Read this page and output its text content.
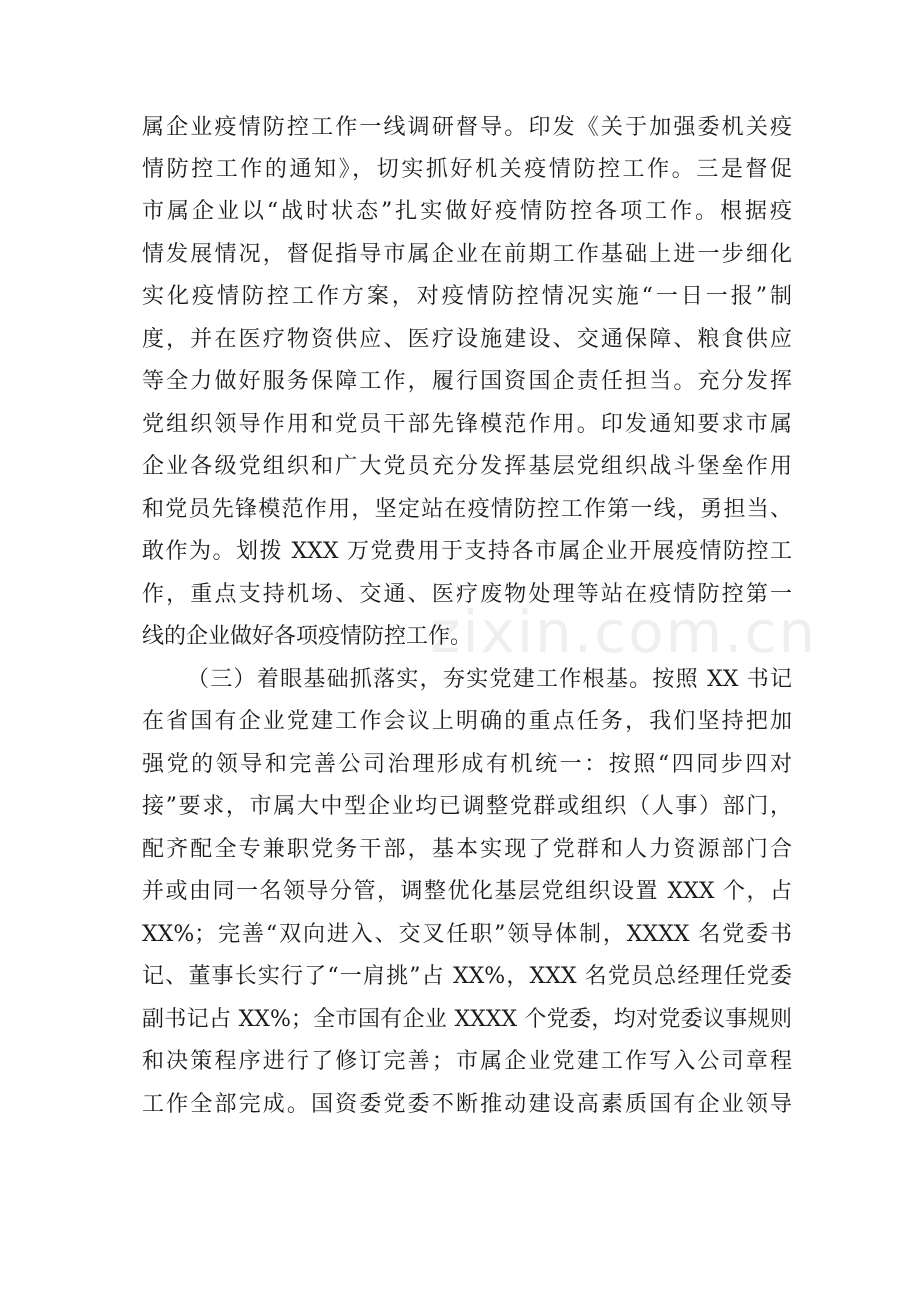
属企业疫情防控工作一线调研督导。印发《关于加强委机关疫
情防控工作的通知》，切实抓好机关疫情防控工作。三是督促
市属企业以“战时状态”扎实做好疫情防控各项工作。根据疫
情发展情况，督促指导市属企业在前期工作基础上进一步细化
实化疫情防控工作方案，对疫情防控情况实施“一日一报”制
度，并在医疗物资供应、医疗设施建设、交通保障、粮食供应
等全力做好服务保障工作，履行国资国企责任担当。充分发挥
党组织领导作用和党员干部先锋模范作用。印发通知要求市属
企业各级党组织和广大党员充分发挥基层党组织战斗堡垒作用
和党员先锋模范作用，坚定站在疫情防控工作第一线，勇担当、
敢作为。划拨 XXX 万党费用于支持各市属企业开展疫情防控工
作，重点支持机场、交通、医疗废物处理等站在疫情防控第一
线的企业做好各项疫情防控工作。
（三）着眼基础抓落实，夯实党建工作根基。按照 XX 书记
在省国有企业党建工作会议上明确的重点任务，我们坚持把加
强党的领导和完善公司治理形成有机统一：按照“四同步四对
接”要求，市属大中型企业均已调整党群或组织（人事）部门，
配齐配全专兼职党务干部，基本实现了党群和人力资源部门合
并或由同一名领导分管，调整优化基层党组织设置 XXX 个，占
XX%；完善“双向进入、交叉任职”领导体制，XXXX 名党委书
记、董事长实行了“一肩挑”占 XX%，XXX 名党员总经理任党委
副书记占 XX%；全市国有企业 XXXX 个党委，均对党委议事规则
和决策程序进行了修订完善；市属企业党建工作写入公司章程
工作全部完成。国资委党委不断推动建设高素质国有企业领导
zixin.com.cn
